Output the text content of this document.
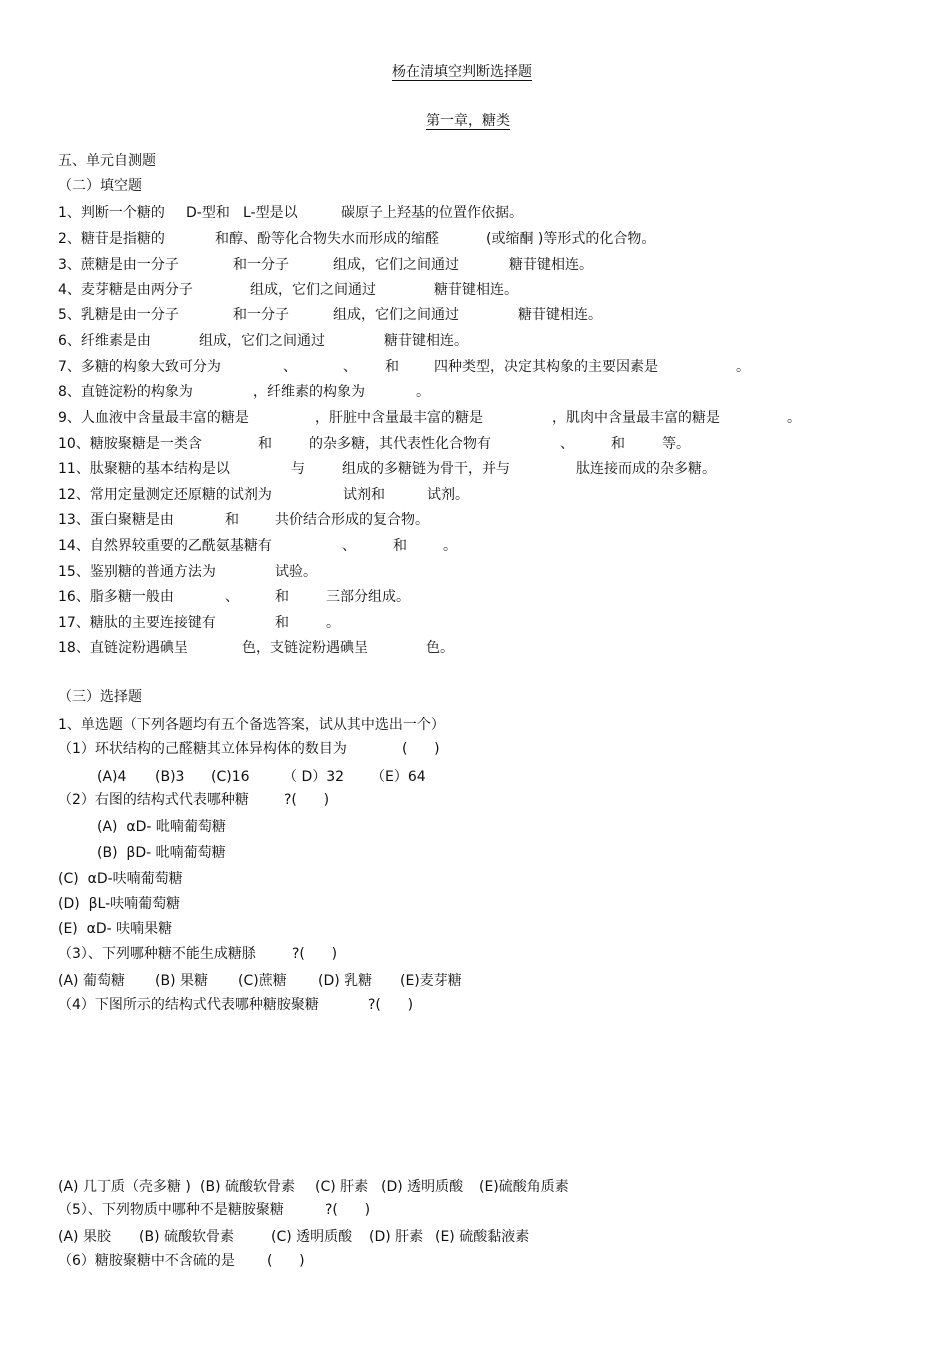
杨在清填空判断选择题
第一章，糖类
五、单元自测题
（二）填空题

1、判断一个糖的

D-型和

L-型是以

	碳原子上羟基的位置作依据。

2、糖苷是指糖的

	和醇、酚等化合物失水而形成的缩醛

	(或缩酮 )等形式的化合物。

3、蔗糖是由一分子

	和一分子

	组成，它们之间通过

	糖苷键相连。

4、麦芽糖是由两分子

	组成，它们之间通过

	糖苷键相连。

5、乳糖是由一分子

	和一分子

	组成，它们之间通过

	糖苷键相连。

6、纤维素是由

	组成，它们之间通过

	糖苷键相连。

7、多糖的构象大致可分为

	、

	、

和

	四种类型，决定其构象的主要因素是

	。

8、直链淀粉的构象为

	，纤维素的构象为

	。

9、人血液中含量最丰富的糖是

	，肝脏中含量最丰富的糖是

	，肌肉中含量最丰富的糖是

	。

10、糖胺聚糖是一类含

	和

	的杂多糖，其代表性化合物有

	、

	和

	等。

11、肽聚糖的基本结构是以

	与

	组成的多糖链为骨干，并与

	肽连接而成的杂多糖。

12、常用定量测定还原糖的试剂为

	试剂和

	试剂。

13、蛋白聚糖是由

	和

	共价结合形成的复合物。

14、自然界较重要的乙酰氨基糖有

	、

	和

	。

15、鉴别糖的普通方法为

	试验。

16、脂多糖一般由

	、

	和

	三部分组成。

17、糖肽的主要连接键有

	和

	。

18、直链淀粉遇碘呈

	色，支链淀粉遇碘呈

	色。

（三）选择题
1、单选题（下列各题均有五个备选答案，试从其中选出一个）

（1）环状结构的己醛糖其立体异构体的数目为

	(      )

(A)4

(B)3

(C)16

（ D）32

（E）64

（2）右图的结构式代表哪种糖

	?(      )

(A)  αD- 吡喃葡萄糖
(B)  βD- 吡喃葡萄糖
(C)  αD-呋喃葡萄糖
(D)  βL-呋喃葡萄糖
(E)  αD- 呋喃果糖

（3）、下列哪种糖不能生成糖脎

	?(      )

(A) 葡萄糖

(B) 果糖

(C)蔗糖

(D) 乳糖

(E)麦芽糖

（4）下图所示的结构式代表哪种糖胺聚糖

	?(      )

(A) 几丁质（壳多糖 )

(B) 硫酸软骨素

(C) 肝素

(D) 透明质酸

(E)硫酸角质素

（5）、下列物质中哪种不是糖胺聚糖

	?(      )

(A) 果胶

(B) 硫酸软骨素

	(C) 透明质酸

(D) 肝素

(E) 硫酸黏液素

（6）糖胺聚糖中不含硫的是

(      )
